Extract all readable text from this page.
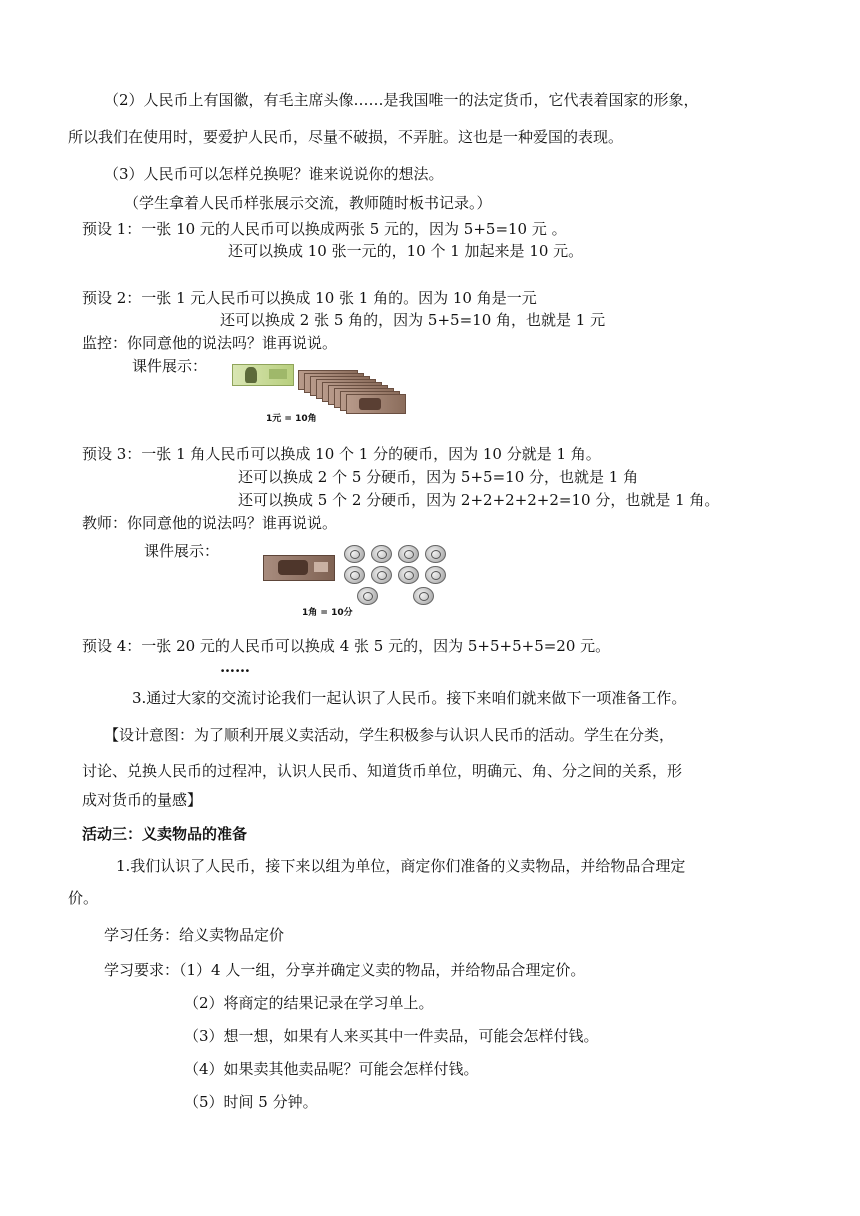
（2）人民币上有国徽，有毛主席头像……是我国唯一的法定货币，它代表着国家的形象，
所以我们在使用时，要爱护人民币，尽量不破损，不弄脏。这也是一种爱国的表现。
（3）人民币可以怎样兑换呢？谁来说说你的想法。
（学生拿着人民币样张展示交流，教师随时板书记录。）
预设 1：一张 10 元的人民币可以换成两张 5 元的，因为 5+5=10 元 。
还可以换成 10 张一元的，10 个 1 加起来是 10 元。
预设 2：一张 1 元人民币可以换成 10 张 1 角的。因为 10 角是一元
还可以换成 2 张 5 角的，因为 5+5=10 角，也就是 1 元
监控：你同意他的说法吗？谁再说说。
课件展示：
1元 = 10角
预设 3：一张 1 角人民币可以换成 10 个 1 分的硬币，因为 10 分就是 1 角。
还可以换成 2 个 5 分硬币，因为 5+5=10 分，也就是 1 角
还可以换成 5 个 2 分硬币，因为 2+2+2+2+2=10 分，也就是 1 角。
教师：你同意他的说法吗？谁再说说。
课件展示：
1角 = 10分
预设 4：一张 20 元的人民币可以换成 4 张 5 元的，因为 5+5+5+5=20 元。
……
3.通过大家的交流讨论我们一起认识了人民币。接下来咱们就来做下一项准备工作。
【设计意图：为了顺利开展义卖活动，学生积极参与认识人民币的活动。学生在分类，
讨论、兑换人民币的过程冲，认识人民币、知道货币单位，明确元、角、分之间的关系，形
成对货币的量感】
活动三：义卖物品的准备
1.我们认识了人民币，接下来以组为单位，商定你们准备的义卖物品，并给物品合理定
价。
学习任务：给义卖物品定价
学习要求：（1）4 人一组，分享并确定义卖的物品，并给物品合理定价。
（2）将商定的结果记录在学习单上。
（3）想一想，如果有人来买其中一件卖品，可能会怎样付钱。
（4）如果卖其他卖品呢？可能会怎样付钱。
（5）时间 5 分钟。
